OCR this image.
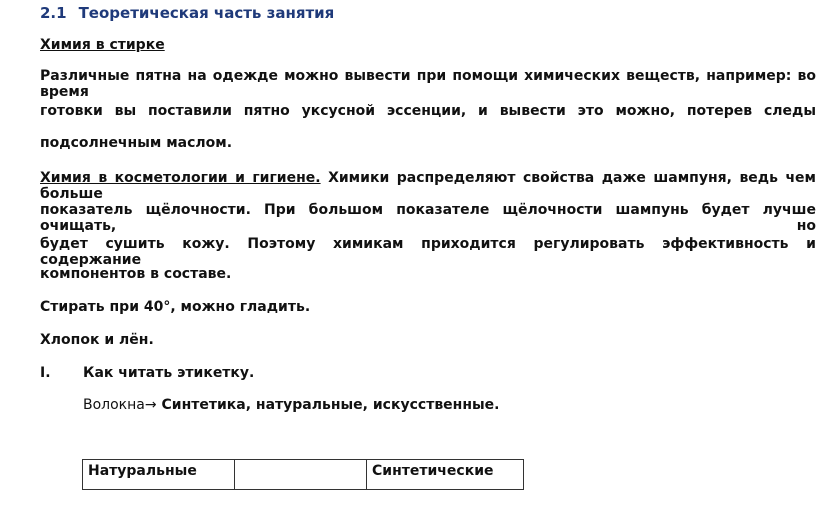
2.1 Теоретическая часть занятия
Химия в стирке
Различные пятна на одежде можно вывести при помощи химических веществ, например: во время
готовки вы поставили пятно уксусной эссенции, и вывести это можно, потерев следы
подсолнечным маслом.
Химия в косметологии и гигиене. Химики распределяют свойства даже шампуня, ведь чем больше
показатель щёлочности. При большом показателе щёлочности шампунь будет лучше очищать, но
будет сушить кожу. Поэтому химикам приходится регулировать эффективность и содержание
компонентов в составе.
Стирать при 40°, можно гладить.
Хлопок и лён.
I. Как читать этикетку.
Волокна→ Синтетика, натуральные, искусственные.
Натуральные		Синтетические
